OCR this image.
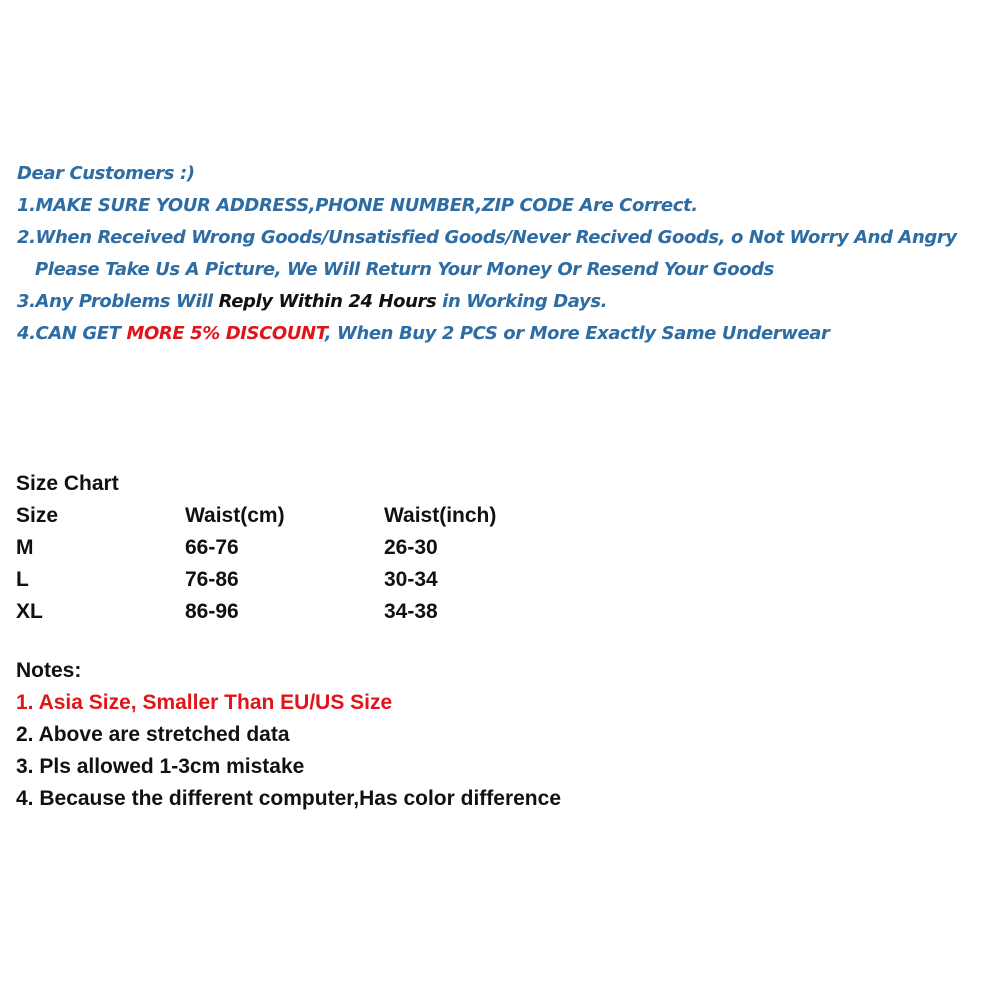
Dear Customers :)
1.MAKE SURE YOUR ADDRESS,PHONE NUMBER,ZIP CODE Are Correct.
2.When Received Wrong Goods/Unsatisfied Goods/Never Recived Goods, o Not Worry And Angry
Please Take Us A Picture, We Will Return Your Money Or Resend Your Goods
3.Any Problems Will Reply Within 24 Hours in Working Days.
4.CAN GET MORE 5% DISCOUNT, When Buy 2 PCS or More Exactly Same Underwear
Size Chart
Size	Waist(cm)	Waist(inch)
M	66-76	26-30
L	76-86	30-34
XL	86-96	34-38
Notes:
1. Asia Size, Smaller Than EU/US Size
2. Above are stretched data
3. Pls allowed 1-3cm mistake
4. Because the different computer,Has color difference
